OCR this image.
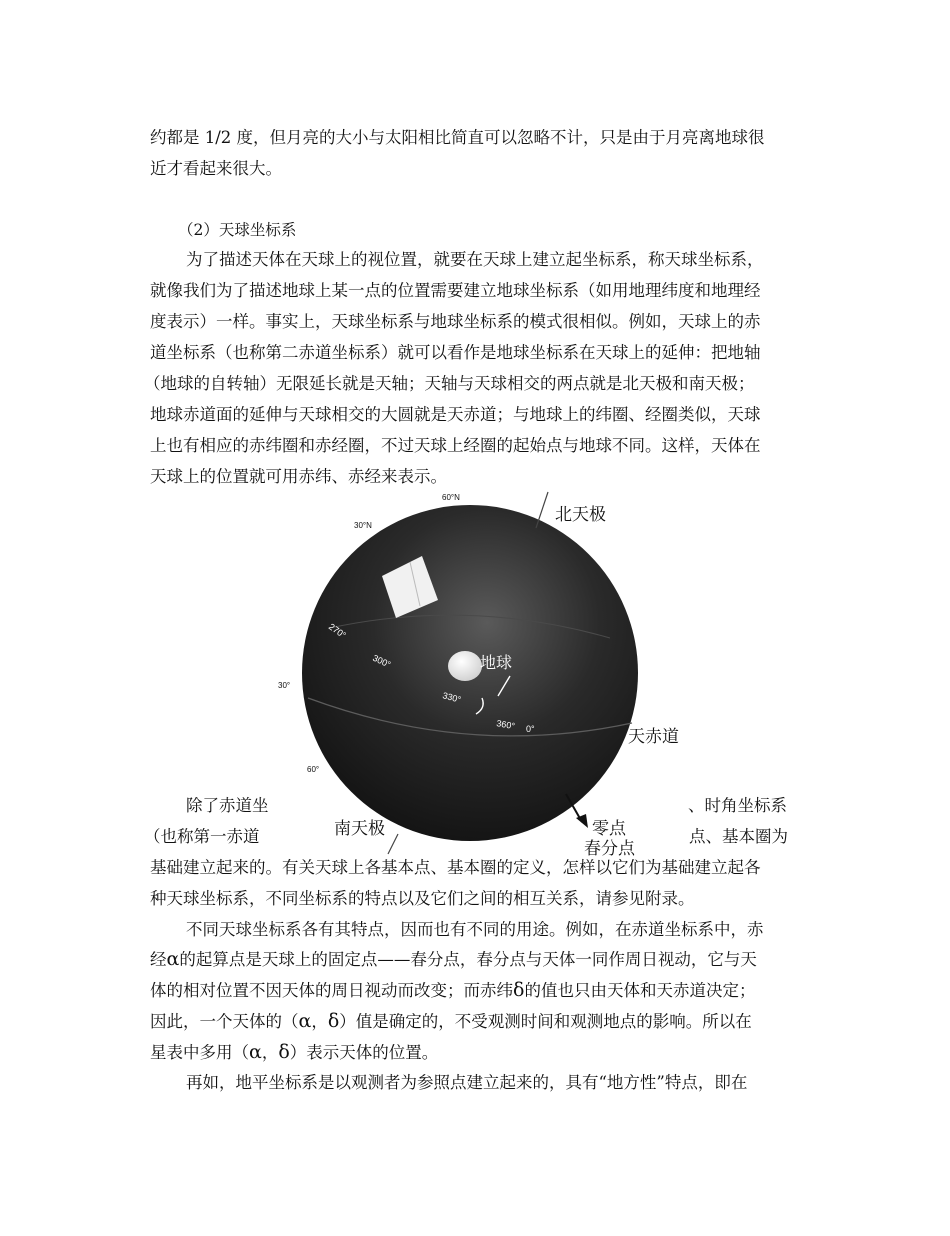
约都是 1/2 度，但月亮的大小与太阳相比简直可以忽略不计，只是由于月亮离地球很
近才看起来很大。
（2）天球坐标系
为了描述天体在天球上的视位置，就要在天球上建立起坐标系，称天球坐标系，
就像我们为了描述地球上某一点的位置需要建立地球坐标系（如用地理纬度和地理经
度表示）一样。事实上，天球坐标系与地球坐标系的模式很相似。例如，天球上的赤
道坐标系（也称第二赤道坐标系）就可以看作是地球坐标系在天球上的延伸：把地轴
（地球的自转轴）无限延长就是天轴；天轴与天球相交的两点就是北天极和南天极；
地球赤道面的延伸与天球相交的大圆就是天赤道；与地球上的纬圈、经圈类似，天球
上也有相应的赤纬圈和赤经圈，不过天球上经圈的起始点与地球不同。这样，天体在
天球上的位置就可用赤纬、赤经来表示。
除了赤道坐	、时角坐标系
（也称第一赤道	点、基本圈为
基础建立起来的。有关天球上各基本点、基本圈的定义，怎样以它们为基础建立起各
种天球坐标系，不同坐标系的特点以及它们之间的相互关系，请参见附录。
不同天球坐标系各有其特点，因而也有不同的用途。例如，在赤道坐标系中，赤
经α的起算点是天球上的固定点——春分点，春分点与天体一同作周日视动，它与天
体的相对位置不因天体的周日视动而改变；而赤纬δ的值也只由天体和天赤道决定；
因此，一个天体的（α，δ）值是确定的，不受观测时间和观测地点的影响。所以在
星表中多用（α，δ）表示天体的位置。
再如，地平坐标系是以观测者为参照点建立起来的，具有“地方性”特点，即在
地球
270°
300°
330°
360° 0°
60°N
30°N
30°
60°
北天极
天赤道
南天极	零点
春分点
